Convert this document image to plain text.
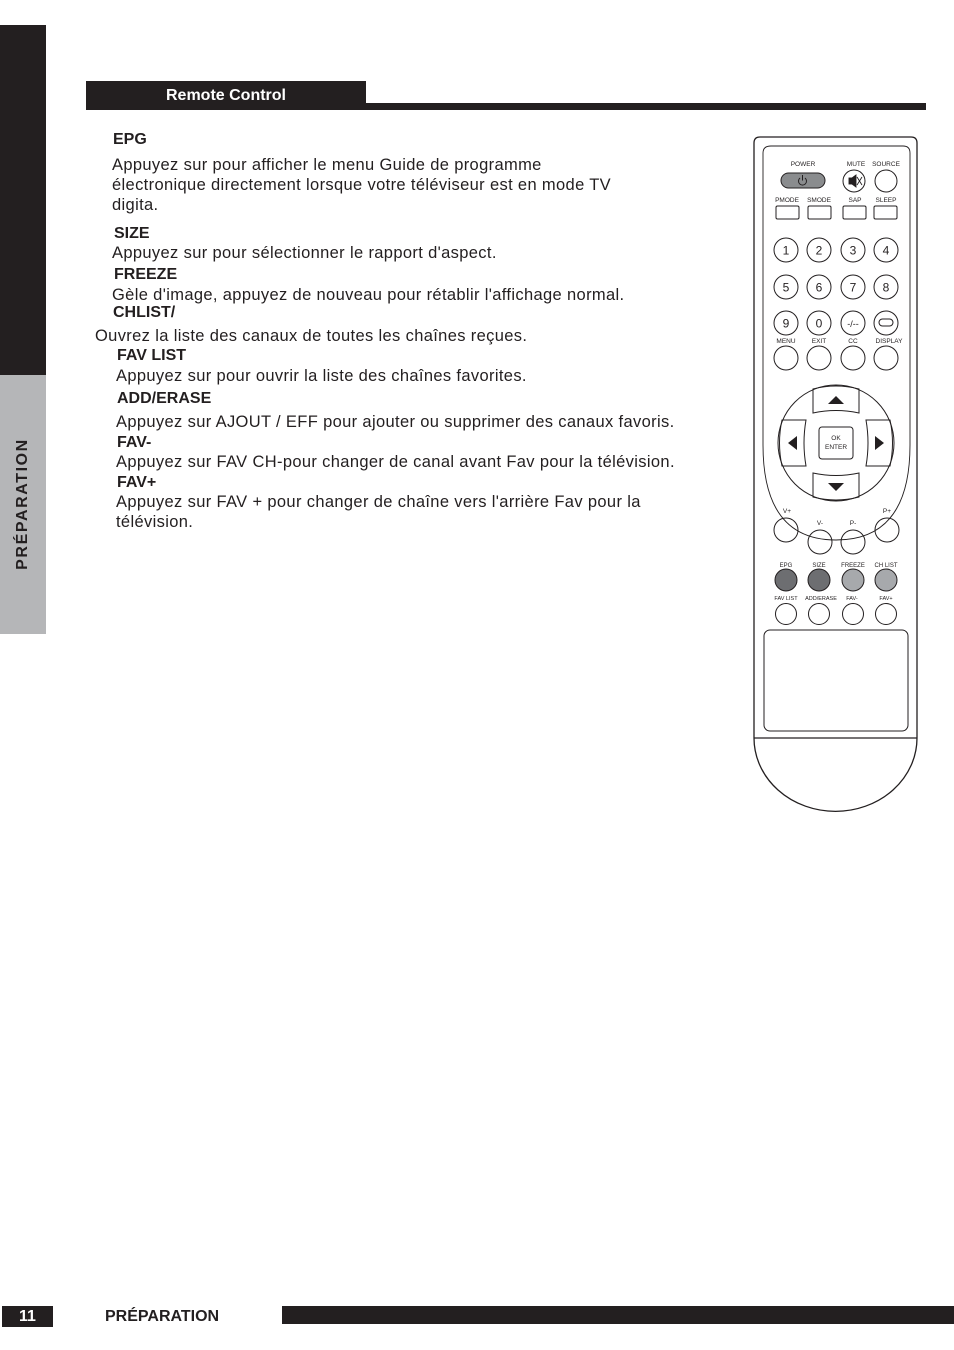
PRÉPARATION
Remote Control
EPG
Appuyez sur pour afficher le menu Guide de programme
électronique directement lorsque votre téléviseur est en mode TV
digita.
SIZE
Appuyez sur pour sélectionner le rapport d'aspect.
FREEZE
Gèle d'image, appuyez de nouveau pour rétablir l'affichage normal.
CHLIST/
Ouvrez la liste des canaux de toutes les chaînes reçues.
FAV LIST
Appuyez sur pour ouvrir la liste des chaînes favorites.
ADD/ERASE
Appuyez sur AJOUT / EFF pour ajouter ou supprimer des canaux favoris.
FAV-
Appuyez sur FAV CH-pour changer de canal avant Fav pour la télévision.
FAV+
Appuyez sur FAV + pour changer de chaîne vers l'arrière Fav pour la
télévision.
POWER	MUTE SOURCE
PMODE SMODE	SAP SLEEP
1 2 3 4
5 6 7 8
9 0	-/--
MENU EXIT	CC	DISPLAY
OK
ENTER
V+
V-	P-
P+
EPG	SIZE	FREEZE CH LIST
FAV LIST ADD/ERASE FAV-	FAV+
11	PRÉPARATION
